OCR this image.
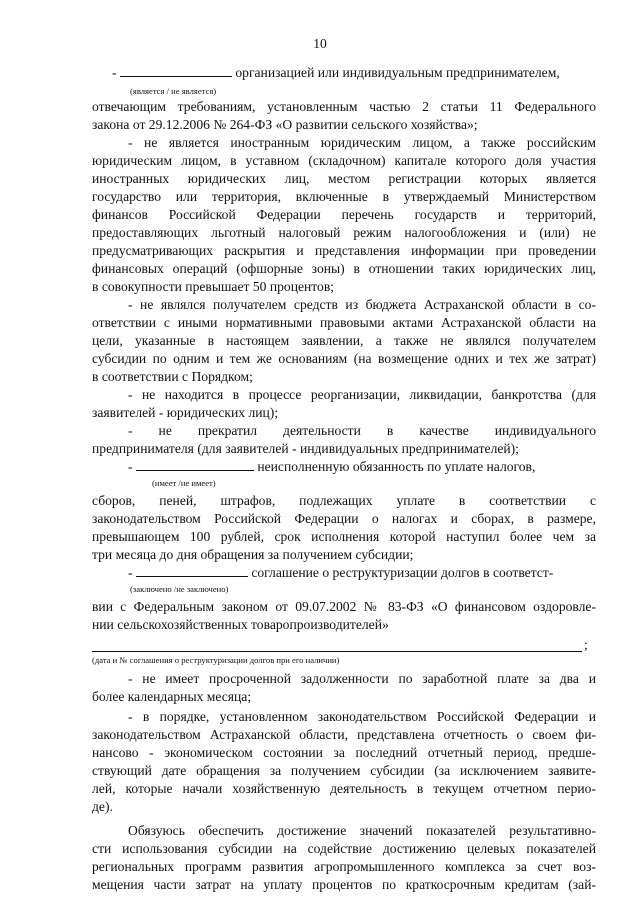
10
-	организацией или индивидуальным предпринимателем,
(является / не является)
отвечающим требованиям, установленным частью 2 статьи 11 Федерального
закона от 29.12.2006 № 264-ФЗ «О развитии сельского хозяйства»;
- не является иностранным юридическим лицом, а также российским
юридическим лицом, в уставном (складочном) капитале которого доля участия
иностранных юридических лиц, местом регистрации которых является
государство или территория, включенные в утверждаемый Министерством
финансов Российской Федерации перечень государств и территорий,
предоставляющих льготный налоговый режим налогообложения и (или) не
предусматривающих раскрытия и представления информации при проведении
финансовых операций (офшорные зоны) в отношении таких юридических лиц,
в совокупности превышает 50 процентов;
- не являлся получателем средств из бюджета Астраханской области в со-
ответствии с иными нормативными правовыми актами Астраханской области на
цели, указанные в настоящем заявлении, а также не являлся получателем
субсидии по одним и тем же основаниям (на возмещение одних и тех же затрат)
в соответствии с Порядком;
- не находится в процессе реорганизации, ликвидации, банкротства (для
заявителей - юридических лиц);
- не прекратил деятельности в качестве индивидуального
предпринимателя (для заявителей - индивидуальных предпринимателей);
-	неисполненную обязанность по уплате налогов,
(имеет /не имеет)
сборов, пеней, штрафов, подлежащих уплате в соответствии с
законодательством Российской Федерации о налогах и сборах, в размере,
превышающем 100 рублей, срок исполнения которой наступил более чем за
три месяца до дня обращения за получением субсидии;
-	соглашение о реструктуризации долгов в соответст-
(заключено /не заключено)
вии с Федеральным законом от 09.07.2002 № 83-ФЗ «О финансовом оздоровле-
нии сельскохозяйственных товаропроизводителей»
;
(дата и № соглашения о реструктуризации долгов при его наличии)
- не имеет просроченной задолженности по заработной плате за два и
более календарных месяца;
- в порядке, установленном законодательством Российской Федерации и
законодательством Астраханской области, представлена отчетность о своем фи-
нансово - экономическом состоянии за последний отчетный период, предше-
ствующий дате обращения за получением субсидии (за исключением заявите-
лей, которые начали хозяйственную деятельность в текущем отчетном перио-
де).
Обязуюсь обеспечить достижение значений показателей результативно-
сти использования субсидии на содействие достижению целевых показателей
региональных программ развития агропромышленного комплекса за счет воз-
мещения части затрат на уплату процентов по краткосрочным кредитам (зай-
